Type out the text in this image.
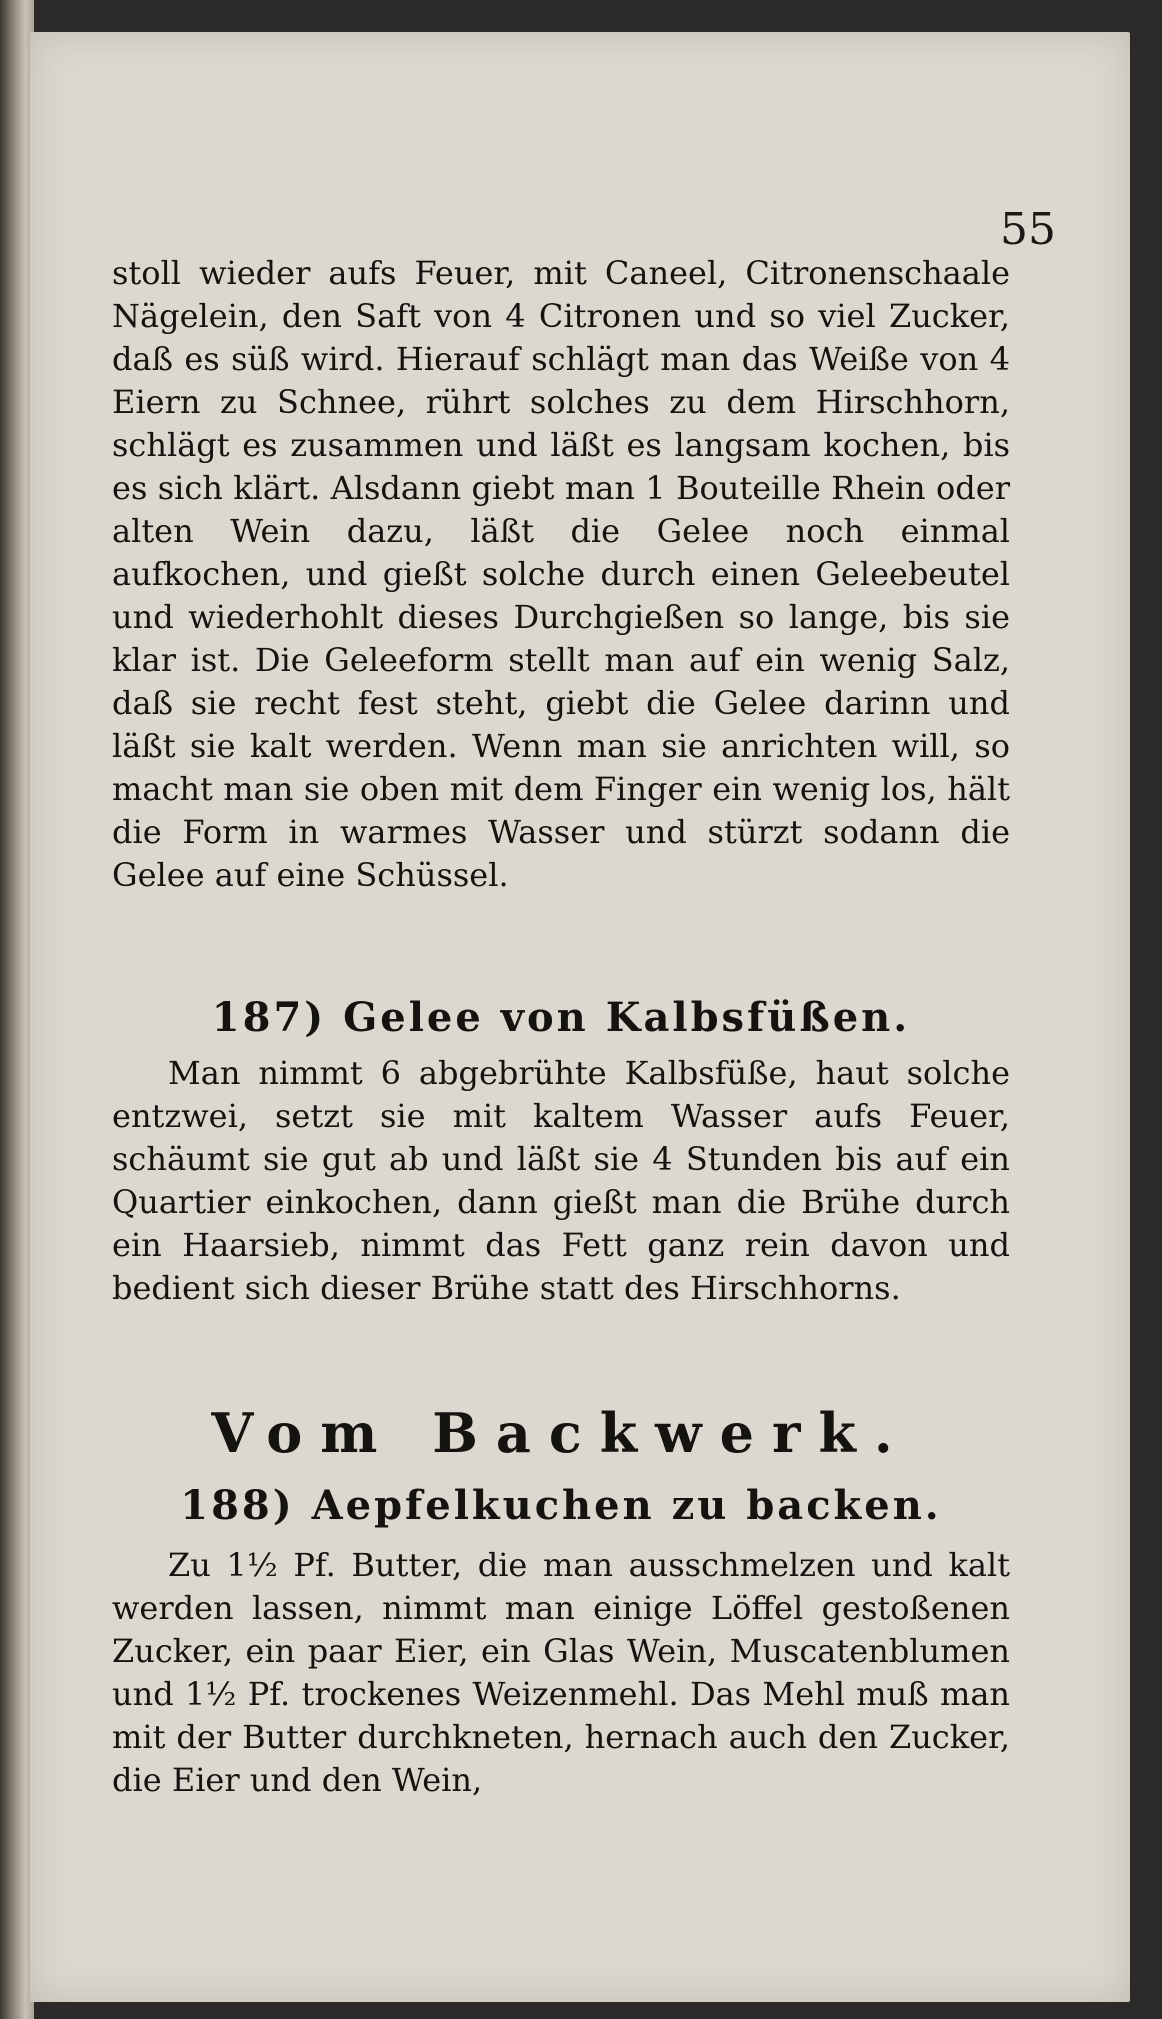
55

stoll wieder aufs Feuer, mit Caneel, Citronenschaale Nägelein, den Saft von 4 Citronen und so viel Zucker, daß es süß wird. Hierauf schlägt man das Weiße von 4 Eiern zu Schnee, rührt solches zu dem Hirschhorn, schlägt es zusammen und läßt es langsam kochen, bis es sich klärt. Alsdann giebt man 1 Bouteille Rhein oder alten Wein dazu, läßt die Gelee noch einmal aufkochen, und gießt solche durch einen Geleebeutel und wiederhohlt dieses Durchgießen so lange, bis sie klar ist. Die Geleeform stellt man auf ein wenig Salz, daß sie recht fest steht, giebt die Gelee darinn und läßt sie kalt werden. Wenn man sie anrichten will, so macht man sie oben mit dem Finger ein wenig los, hält die Form in warmes Wasser und stürzt sodann die Gelee auf eine Schüssel.

187) Gelee von Kalbsfüßen.

Man nimmt 6 abgebrühte Kalbsfüße, haut solche entzwei, setzt sie mit kaltem Wasser aufs Feuer, schäumt sie gut ab und läßt sie 4 Stunden bis auf ein Quartier einkochen, dann gießt man die Brühe durch ein Haarsieb, nimmt das Fett ganz rein davon und bedient sich dieser Brühe statt des Hirschhorns.

Vom Backwerk.
188) Aepfelkuchen zu backen.

Zu 1½ Pf. Butter, die man ausschmelzen und kalt werden lassen, nimmt man einige Löffel gestoßenen Zucker, ein paar Eier, ein Glas Wein, Muscatenblumen und 1½ Pf. trockenes Weizenmehl. Das Mehl muß man mit der Butter durchkneten, hernach auch den Zucker, die Eier und den Wein,
